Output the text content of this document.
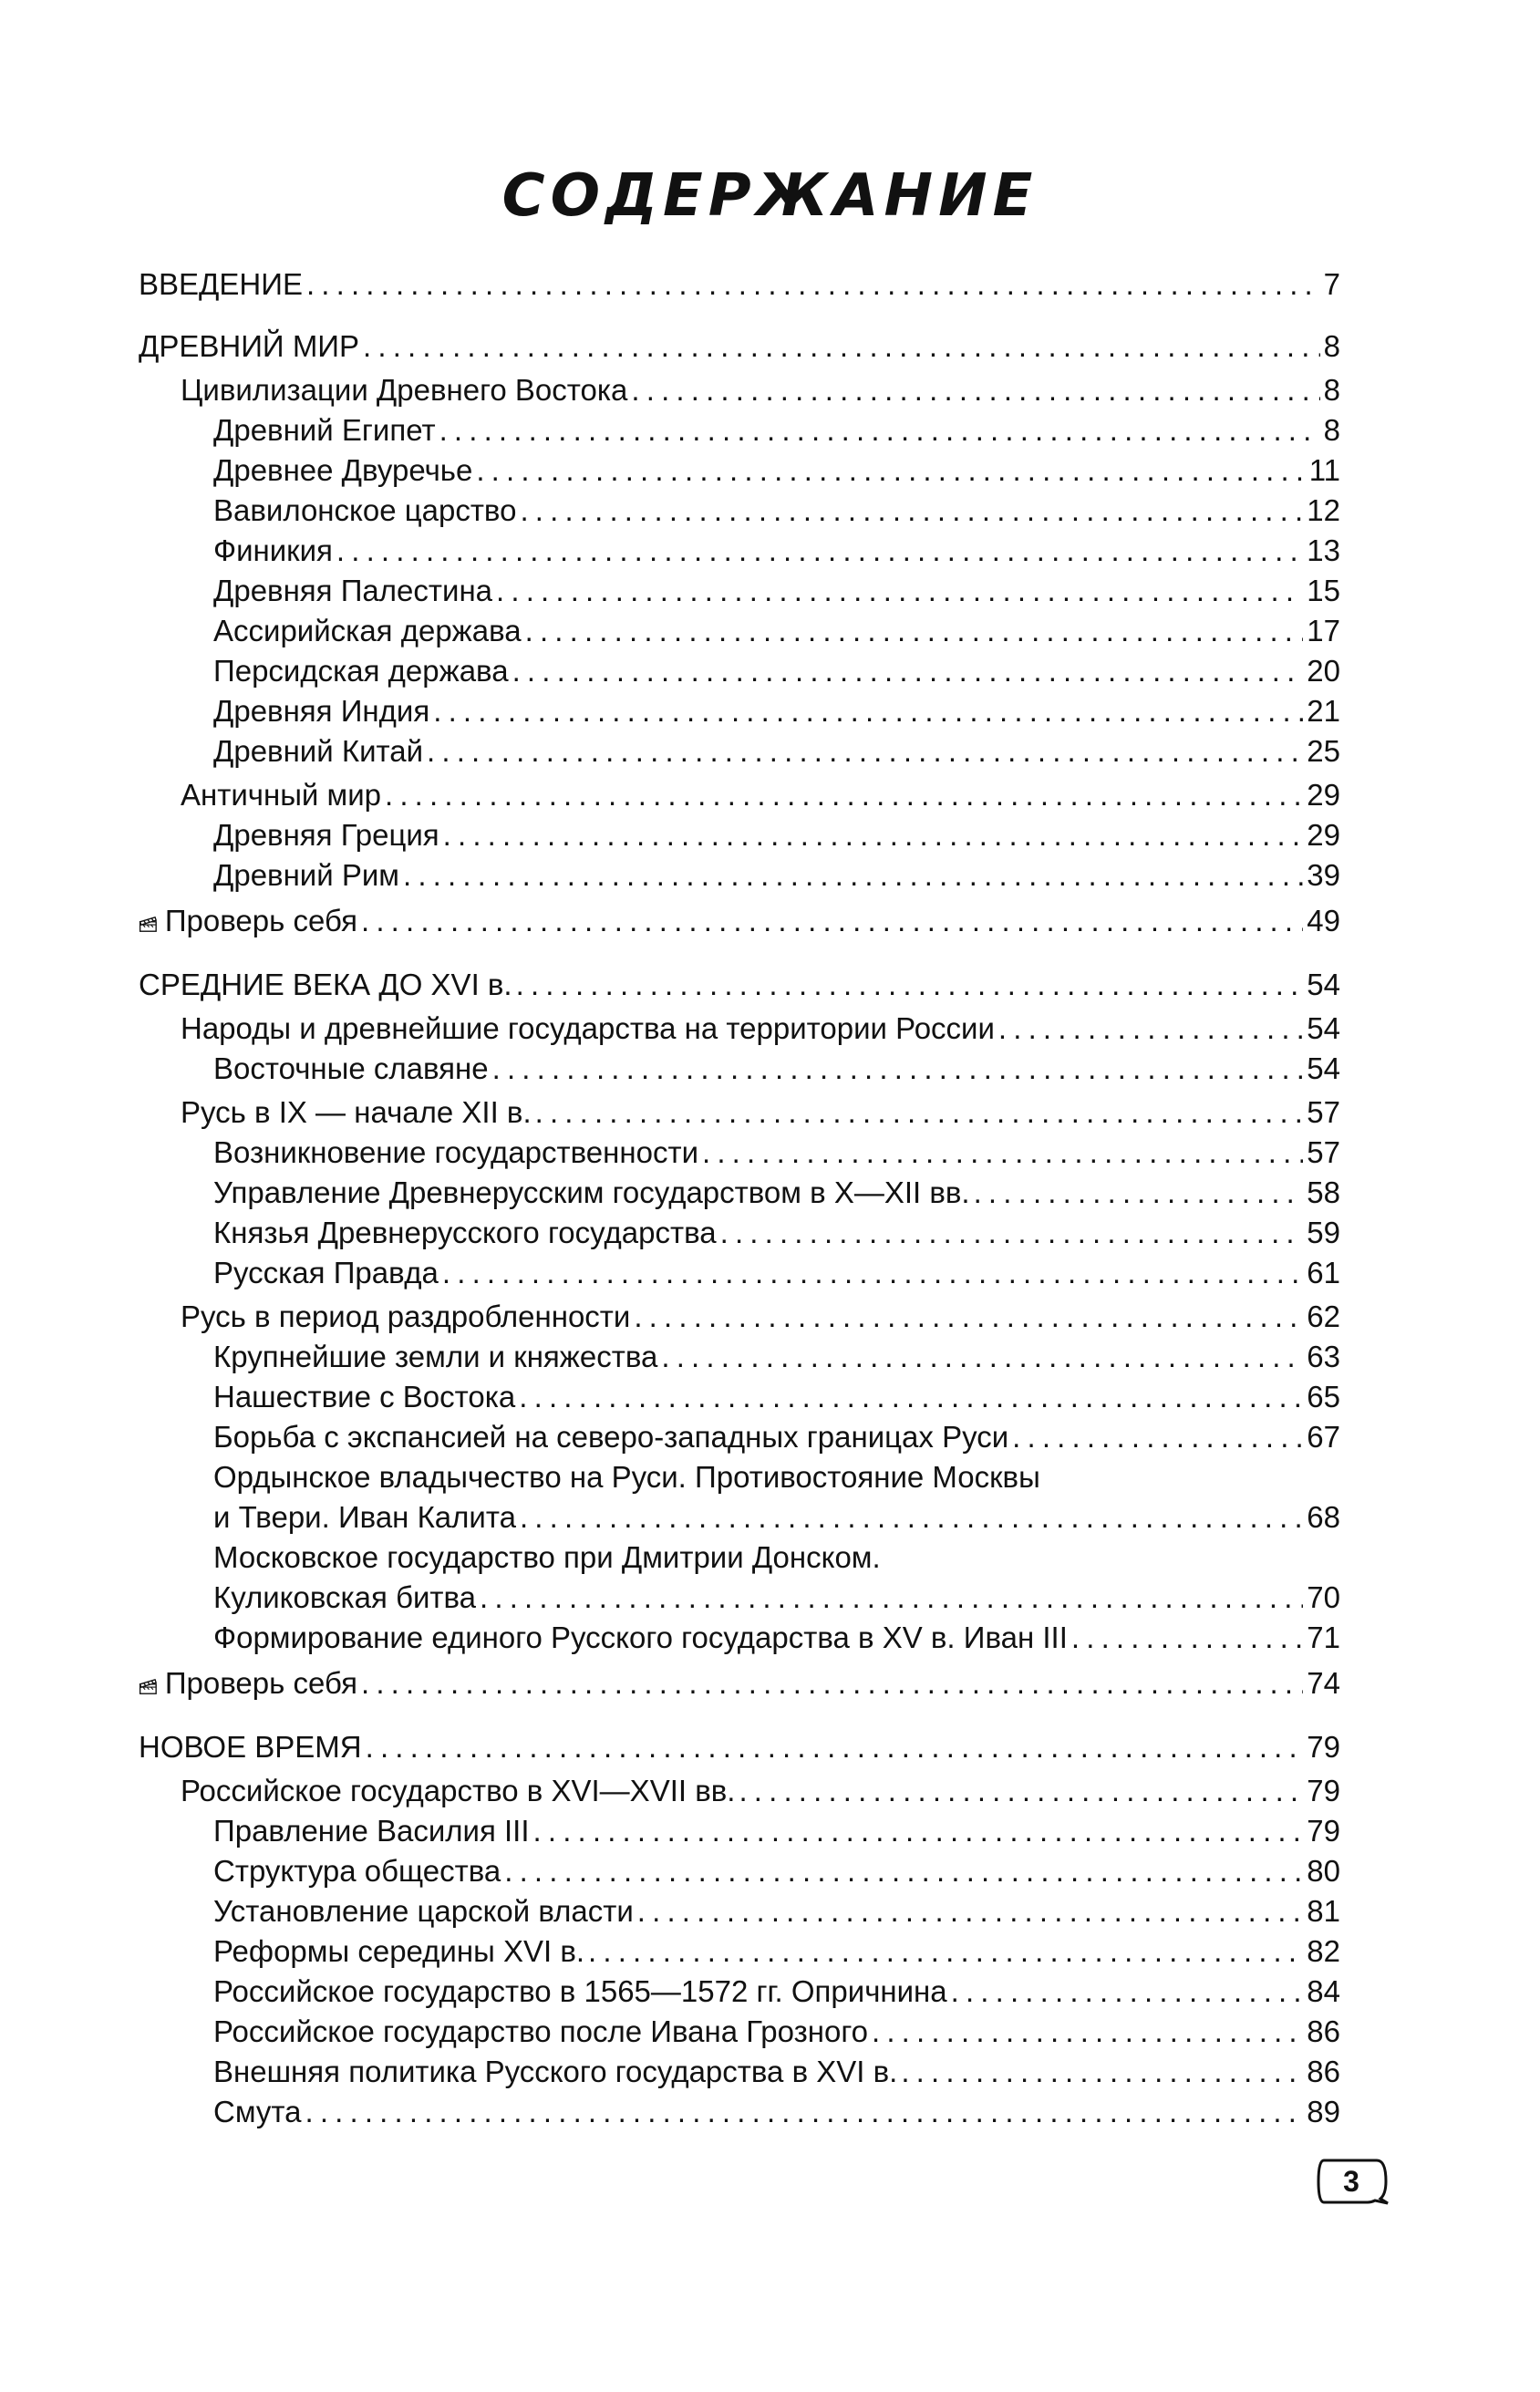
СОДЕРЖАНИЕ
ВВЕДЕНИЕ . . .	7
ДРЕВНИЙ МИР . . .	8
Цивилизации Древнего Востока . . .	8
Древний Египет . . .	8
Древнее Двуречье . . .	11
Вавилонское царство . . .	12
Финикия . . .	13
Древняя Палестина . . .	15
Ассирийская держава . . .	17
Персидская держава . . .	20
Древняя Индия . . .	21
Древний Китай . . .	25
Античный мир . . .	29
Древняя Греция . . .	29
Древний Рим . . .	39
Проверь себя . . .	49
СРЕДНИЕ ВЕКА ДО XVI в. . . .	54
Народы и древнейшие государства на территории России . . .	54
Восточные славяне . . .	54
Русь в IX — начале XII в. . . .	57
Возникновение государственности . . .	57
Управление Древнерусским государством в X—XII вв. . . .	58
Князья Древнерусского государства . . .	59
Русская Правда . . .	61
Русь в период раздробленности . . .	62
Крупнейшие земли и княжества . . .	63
Нашествие с Востока . . .	65
Борьба с экспансией на северо-западных границах Руси . . .	67
Ордынское владычество на Руси. Противостояние Москвы
и Твери. Иван Калита . . .	68
Московское государство при Дмитрии Донском.
Куликовская битва . . .	70
Формирование единого Русского государства в XV в. Иван III . . .	71
Проверь себя . . .	74
НОВОЕ ВРЕМЯ . . .	79
Российское государство в XVI—XVII вв. . . .	79
Правление Василия III . . .	79
Структура общества . . .	80
Установление царской власти . . .	81
Реформы середины XVI в. . . .	82
Российское государство в 1565—1572 гг. Опричнина . . .	84
Российское государство после Ивана Грозного . . .	86
Внешняя политика Русского государства в XVI в. . . .	86
Смута . . .	89
3
